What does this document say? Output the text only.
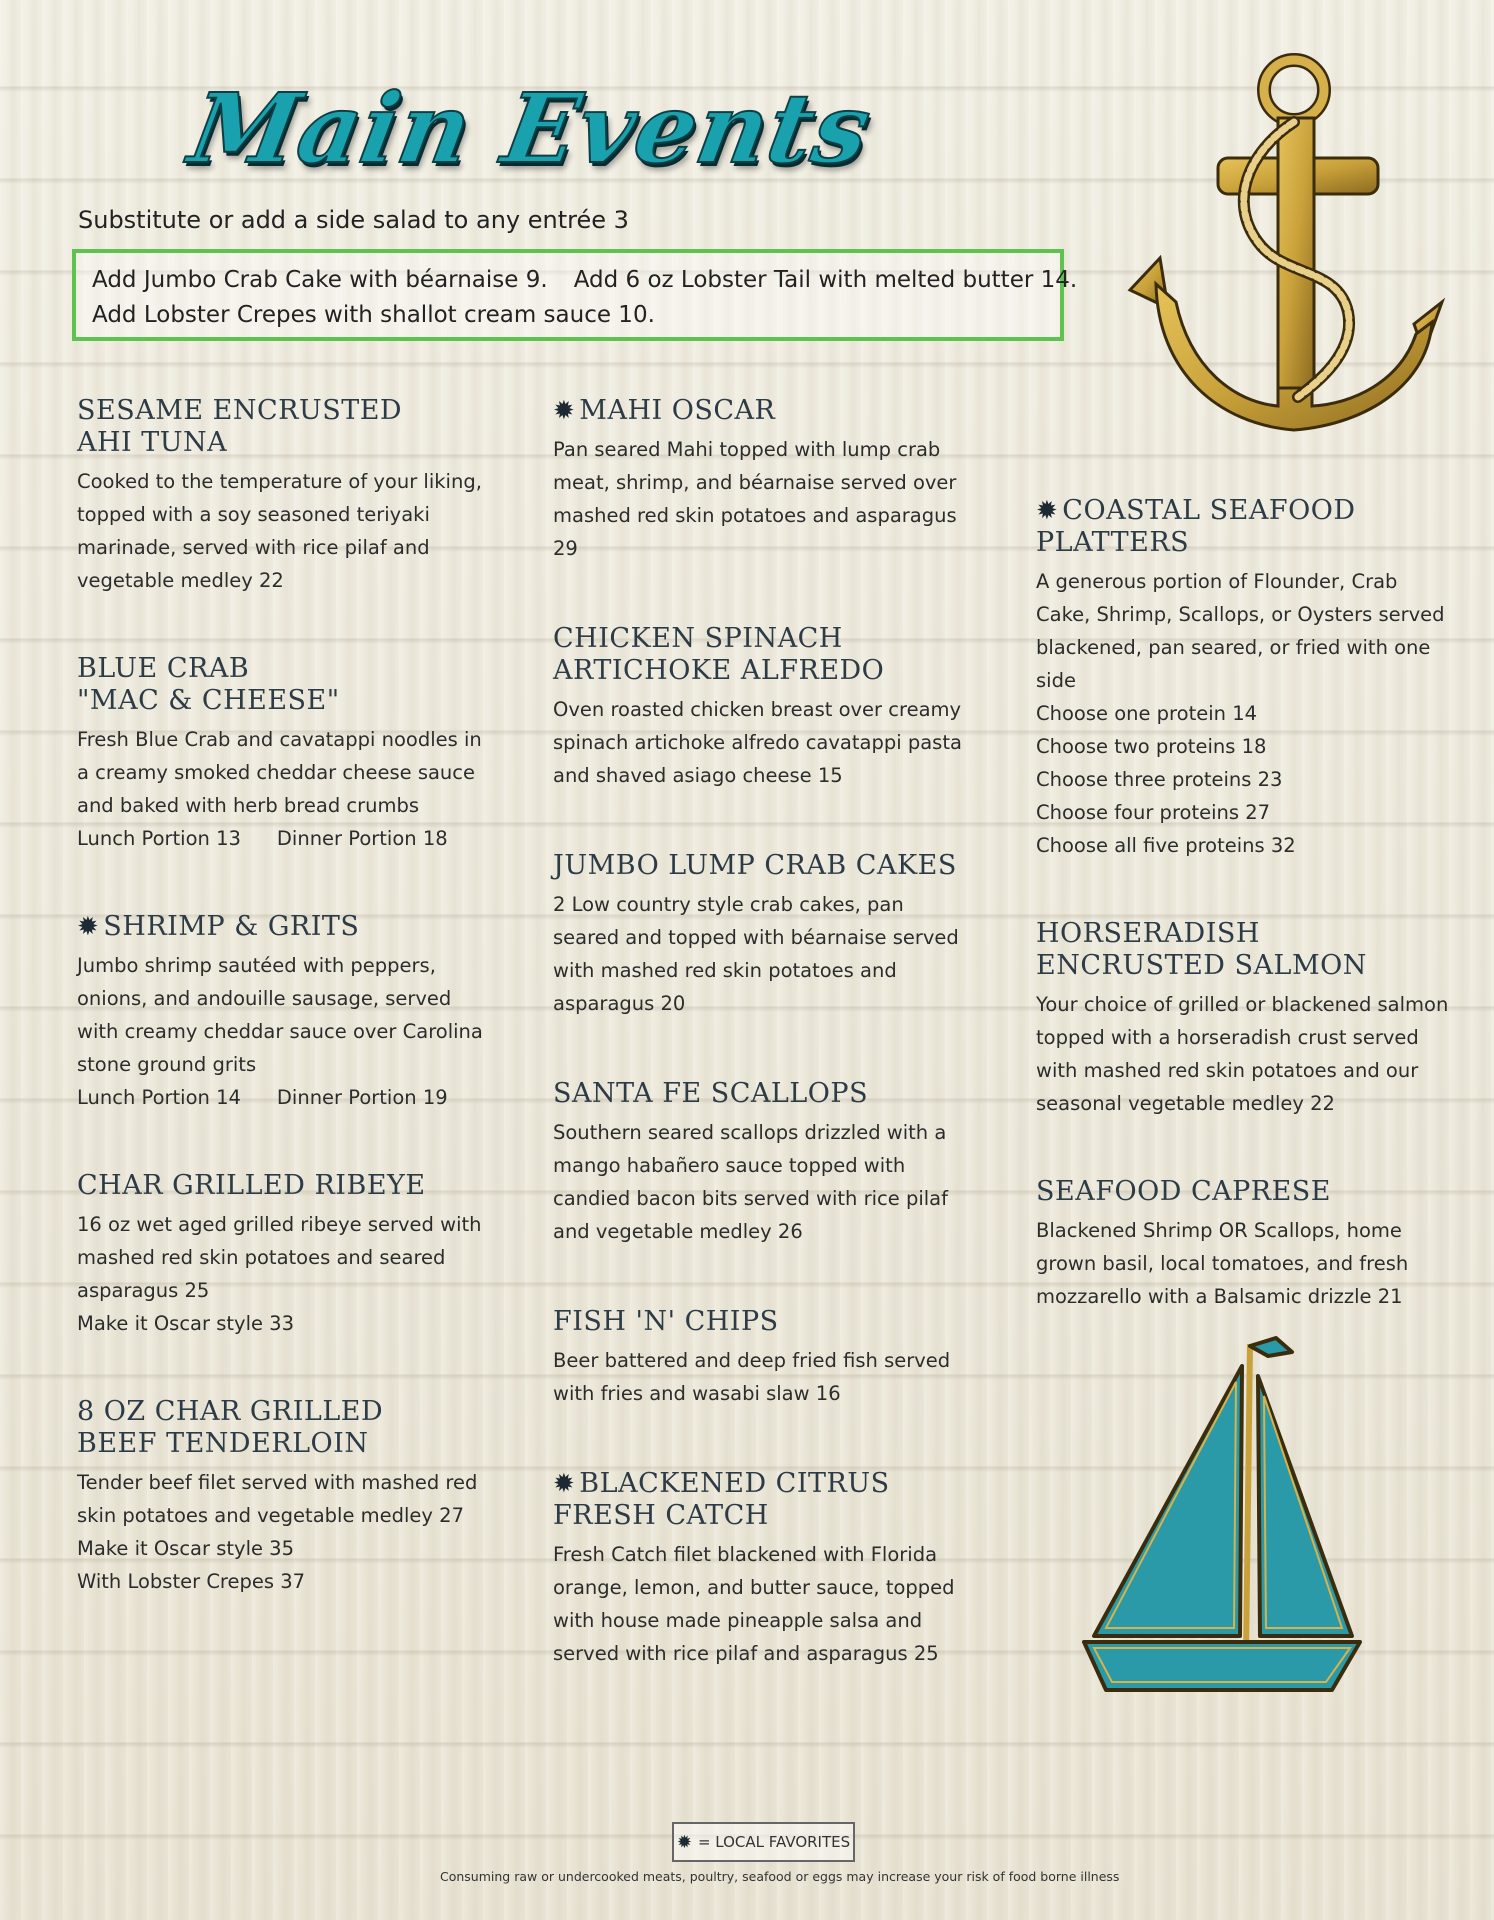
Main Events
Substitute or add a side salad to any entrée 3
Add Jumbo Crab Cake with béarnaise 9. Add 6 oz Lobster Tail with melted butter 14.
Add Lobster Crepes with shallot cream sauce 10.
SESAME ENCRUSTED
AHI TUNA

Cooked to the temperature of your liking, topped with a soy seasoned teriyaki marinade, served with rice pilaf and vegetable medley 22

BLUE CRAB
"MAC & CHEESE"

Fresh Blue Crab and cavatappi noodles in a creamy smoked cheddar cheese sauce and baked with herb bread crumbs

Lunch Portion 13 Dinner Portion 18
✹ SHRIMP & GRITS

Jumbo shrimp sautéed with peppers, onions, and andouille sausage, served with creamy cheddar sauce over Carolina stone ground grits

Lunch Portion 14 Dinner Portion 19
CHAR GRILLED RIBEYE

16 oz wet aged grilled ribeye served with mashed red skin potatoes and seared asparagus 25

Make it Oscar style 33
8 OZ CHAR GRILLED
BEEF TENDERLOIN

Tender beef filet served with mashed red skin potatoes and vegetable medley 27

Make it Oscar style 35
With Lobster Crepes 37
✹ MAHI OSCAR

Pan seared Mahi topped with lump crab meat, shrimp, and béarnaise served over mashed red skin potatoes and asparagus 29

CHICKEN SPINACH
ARTICHOKE ALFREDO

Oven roasted chicken breast over creamy spinach artichoke alfredo cavatappi pasta and shaved asiago cheese 15

JUMBO LUMP CRAB CAKES

2 Low country style crab cakes, pan seared and topped with béarnaise served with mashed red skin potatoes and asparagus 20

SANTA FE SCALLOPS

Southern seared scallops drizzled with a mango habañero sauce topped with candied bacon bits served with rice pilaf and vegetable medley 26

FISH 'N' CHIPS

Beer battered and deep fried fish served with fries and wasabi slaw 16

✹ BLACKENED CITRUS
FRESH CATCH

Fresh Catch filet blackened with Florida orange, lemon, and butter sauce, topped with house made pineapple salsa and served with rice pilaf and asparagus 25

✹ COASTAL SEAFOOD
PLATTERS

A generous portion of Flounder, Crab Cake, Shrimp, Scallops, or Oysters served blackened, pan seared, or fried with one side

Choose one protein 14
Choose two proteins 18
Choose three proteins 23
Choose four proteins 27
Choose all five proteins 32
HORSERADISH
ENCRUSTED SALMON

Your choice of grilled or blackened salmon topped with a horseradish crust served with mashed red skin potatoes and our seasonal vegetable medley 22

SEAFOOD CAPRESE

Blackened Shrimp OR Scallops, home grown basil, local tomatoes, and fresh mozzarello with a Balsamic drizzle 21

✹ = LOCAL FAVORITES
Consuming raw or undercooked meats, poultry, seafood or eggs may increase your risk of food borne illness
